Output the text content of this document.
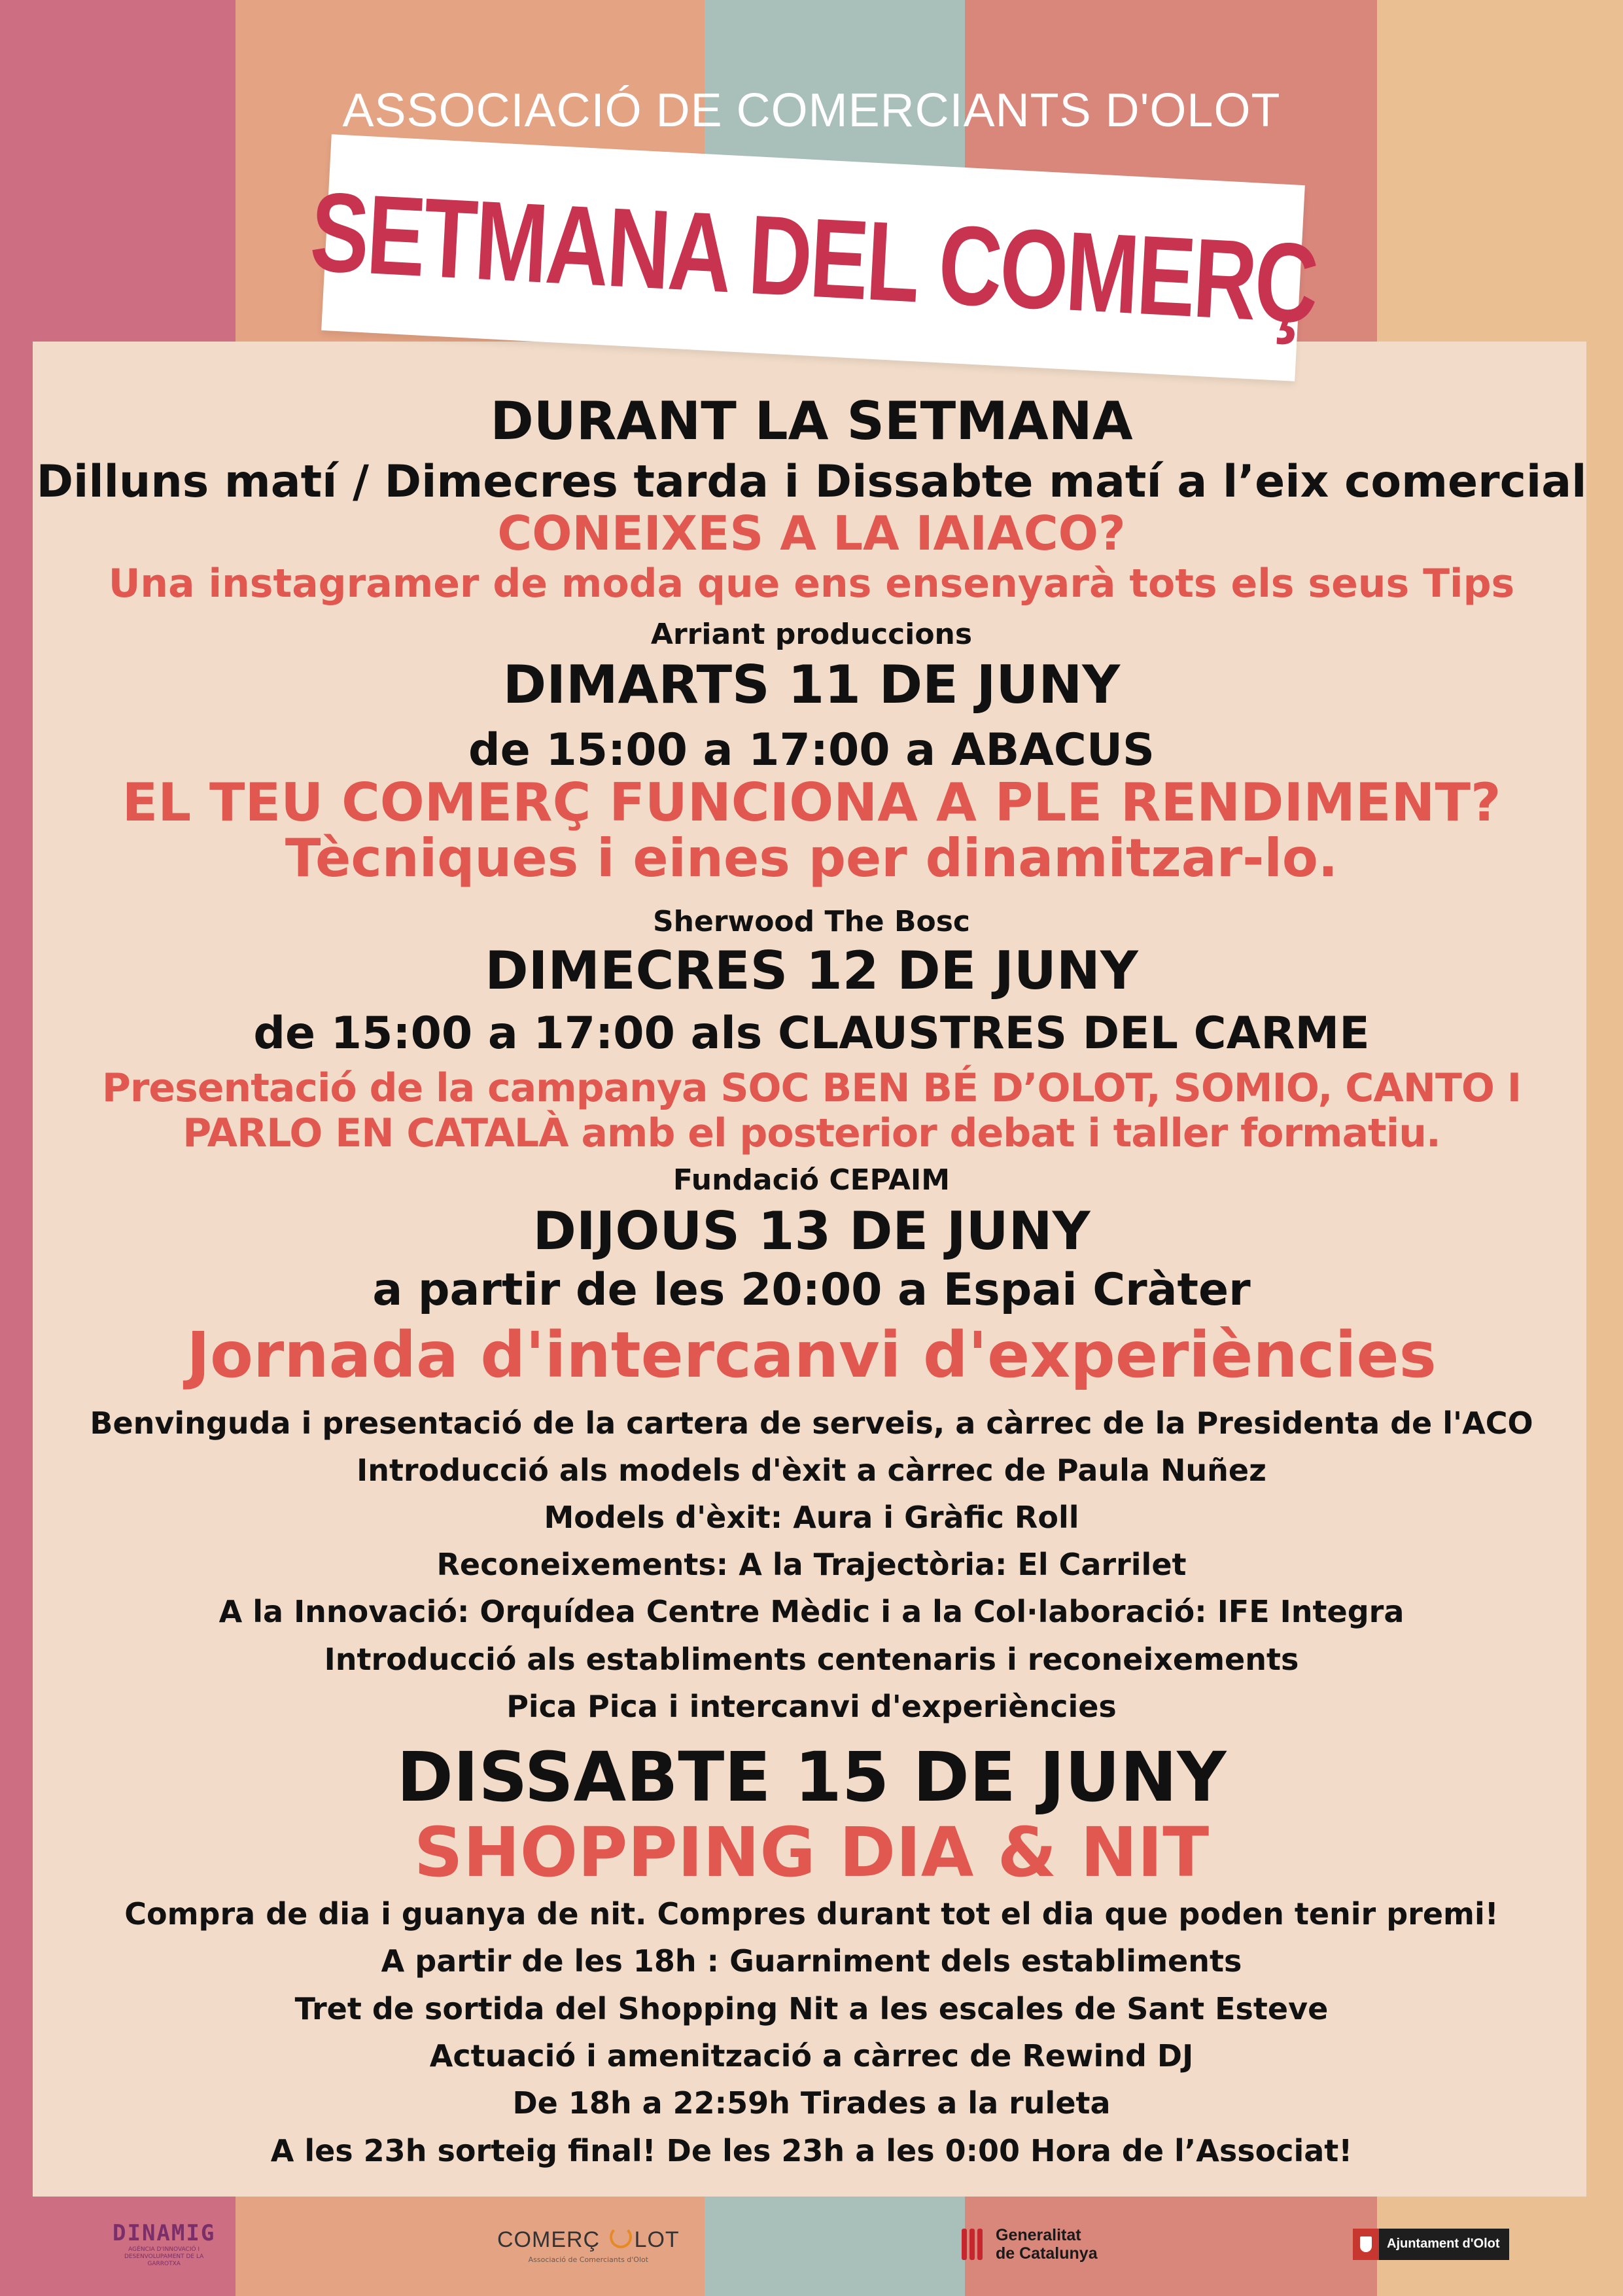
ASSOCIACIÓ DE COMERCIANTS D'OLOT
SETMANA DEL COMERÇ
DURANT LA SETMANA
Dilluns matí / Dimecres tarda i Dissabte matí a l’eix comercial
CONEIXES A LA IAIACO?
Una instagramer de moda que ens ensenyarà tots els seus Tips
Arriant produccions
DIMARTS 11 DE JUNY
de 15:00 a 17:00 a ABACUS
EL TEU COMERÇ FUNCIONA A PLE RENDIMENT?
Tècniques i eines per dinamitzar-lo.
Sherwood The Bosc
DIMECRES 12 DE JUNY
de 15:00 a 17:00 als CLAUSTRES DEL CARME
Presentació de la campanya SOC BEN BÉ D’OLOT, SOMIO, CANTO I
PARLO EN CATALÀ amb el posterior debat i taller formatiu.
Fundació CEPAIM
DIJOUS 13 DE JUNY
a partir de les 20:00 a Espai Cràter
Jornada d'intercanvi d'experiències
Benvinguda i presentació de la cartera de serveis, a càrrec de la Presidenta de l'ACO
Introducció als models d'èxit a càrrec de Paula Nuñez
Models d'èxit: Aura i Gràfic Roll
Reconeixements: A la Trajectòria: El Carrilet
A la Innovació: Orquídea Centre Mèdic i a la Col·laboració: IFE Integra
Introducció als establiments centenaris i reconeixements
Pica Pica i intercanvi d'experiències
DISSABTE 15 DE JUNY
SHOPPING DIA & NIT
Compra de dia i guanya de nit. Compres durant tot el dia que poden tenir premi!
A partir de les 18h : Guarniment dels establiments
Tret de sortida del Shopping Nit a les escales de Sant Esteve
Actuació i amenització a càrrec de Rewind DJ
De 18h a 22:59h Tirades a la ruleta
A les 23h sorteig final! De les 23h a les 0:00 Hora de l’Associat!
DINAMIG
AGÈNCIA D'INNOVACIÓ I DESENVOLUPAMENT DE LA GARROTXA
COMERÇ LOT
Associació de Comerciants d'Olot
Generalitat
de Catalunya
Ajuntament d'Olot
